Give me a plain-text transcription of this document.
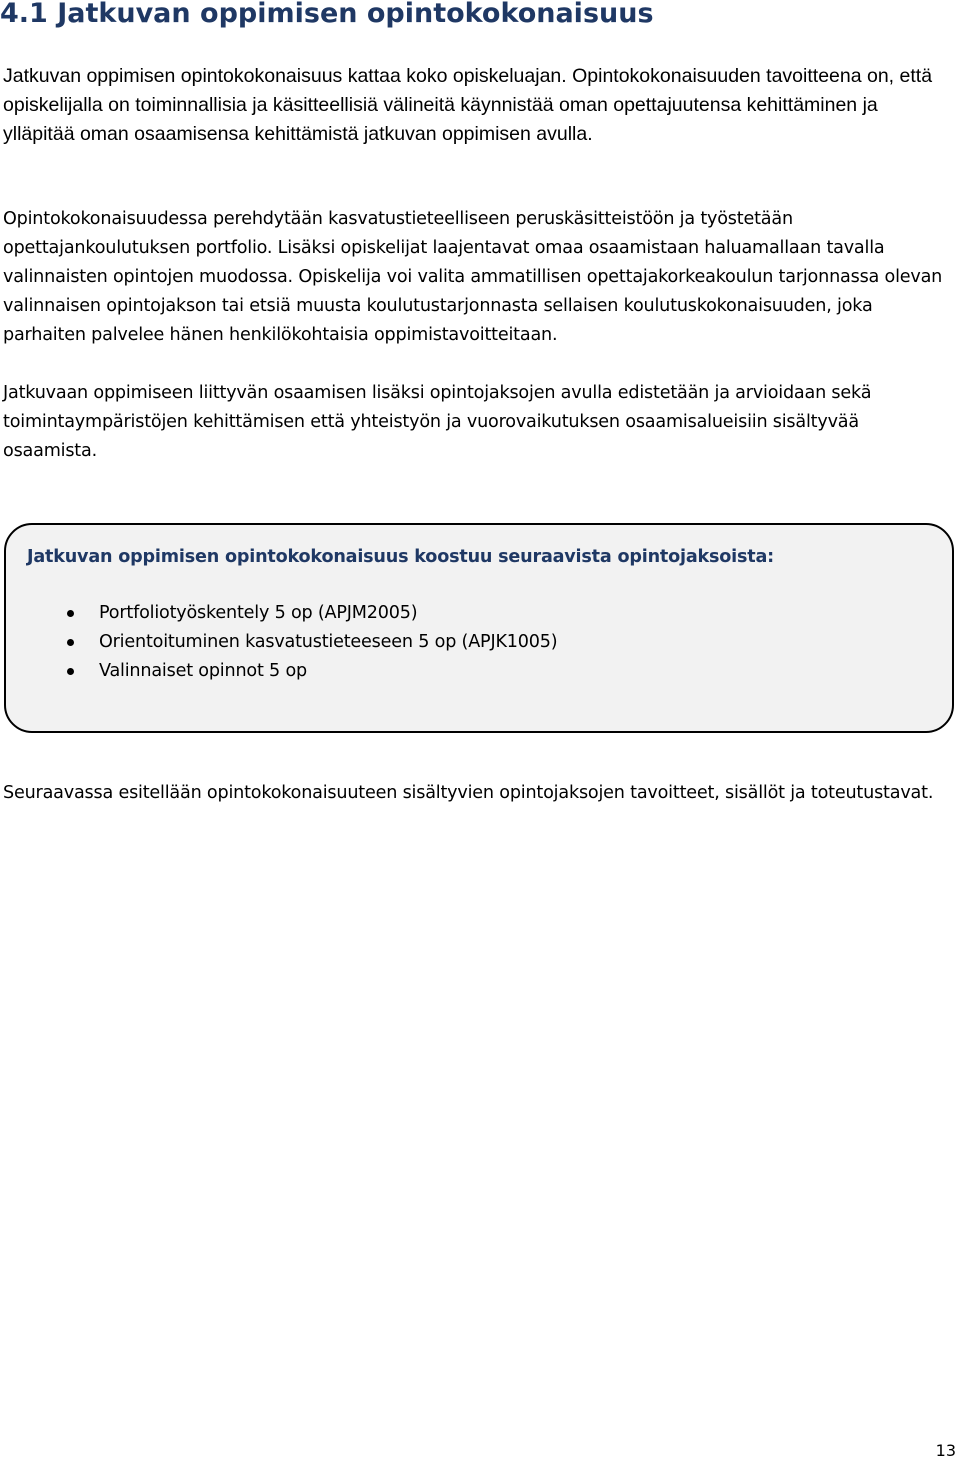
4.1 Jatkuvan oppimisen opintokokonaisuus

Jatkuvan oppimisen opintokokonaisuus kattaa koko opiskeluajan. Opintokokonaisuuden tavoitteena on, että opiskelijalla on toiminnallisia ja käsitteellisiä välineitä käynnistää oman opettajuutensa kehittäminen ja ylläpitää oman osaamisensa kehittämistä jatkuvan oppimisen avulla.

Opintokokonaisuudessa perehdytään kasvatustieteelliseen peruskäsitteistöön ja työstetään opettajankoulutuksen portfolio. Lisäksi opiskelijat laajentavat omaa osaamistaan haluamallaan tavalla valinnaisten opintojen muodossa. Opiskelija voi valita ammatillisen opettajakorkeakoulun tarjonnassa olevan valinnaisen opintojakson tai etsiä muusta koulutustarjonnasta sellaisen koulutuskokonaisuuden, joka parhaiten palvelee hänen henkilökohtaisia oppimistavoitteitaan.

Jatkuvaan oppimiseen liittyvän osaamisen lisäksi opintojaksojen avulla edistetään ja arvioidaan sekä toimintaympäristöjen kehittämisen että yhteistyön ja vuorovaikutuksen osaamisalueisiin sisältyvää osaamista.

Jatkuvan oppimisen opintokokonaisuus koostuu seuraavista opintojaksoista:

Portfoliotyöskentely 5 op (APJM2005)
Orientoituminen kasvatustieteeseen 5 op (APJK1005)
Valinnaiset opinnot 5 op

Seuraavassa esitellään opintokokonaisuuteen sisältyvien opintojaksojen tavoitteet, sisällöt ja toteutustavat.

13
